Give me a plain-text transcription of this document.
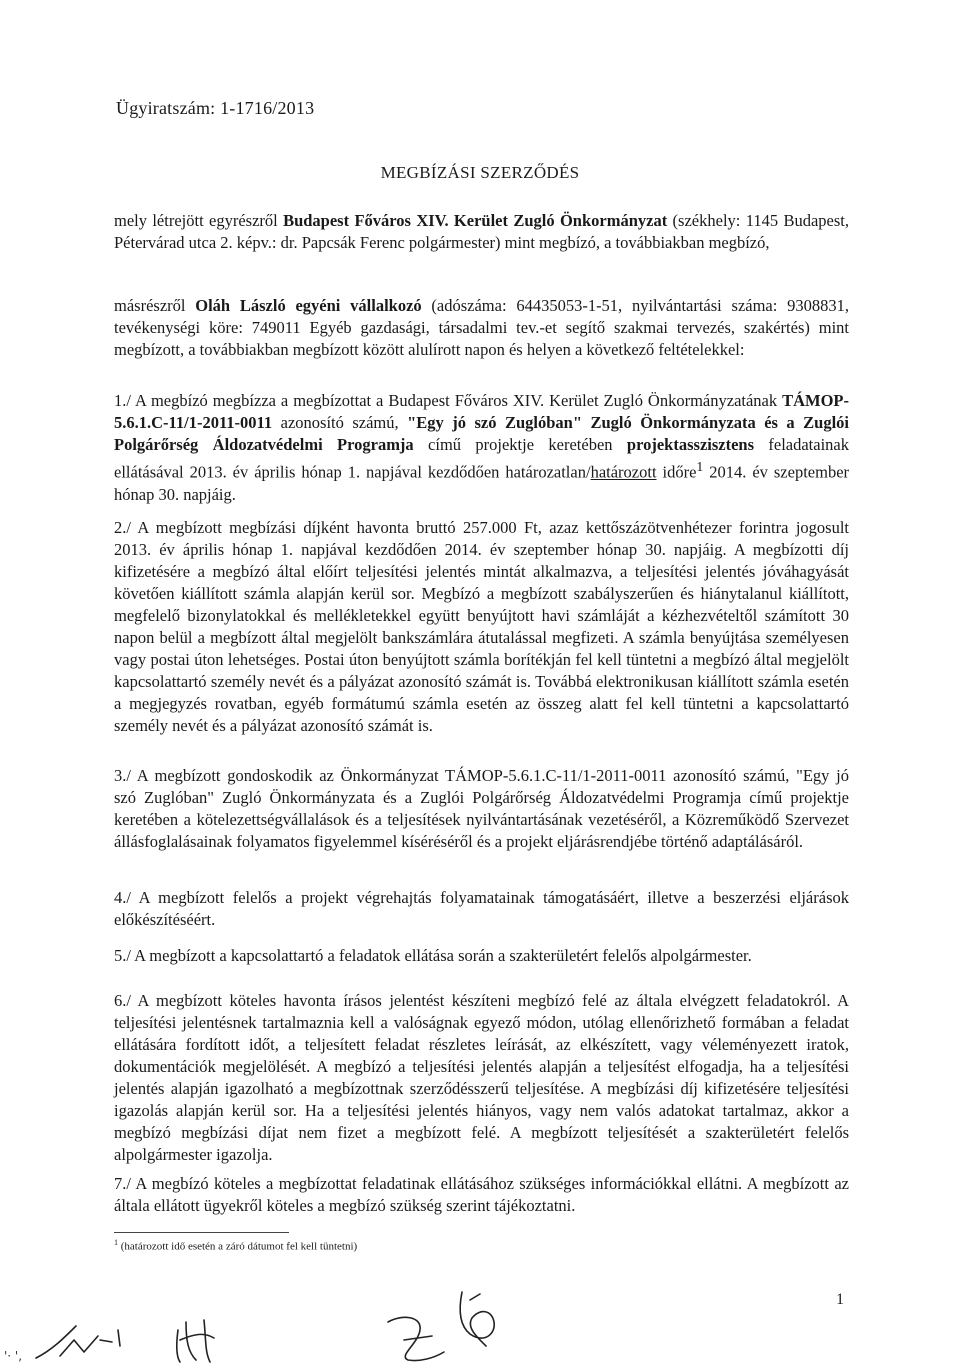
Ügyiratszám: 1-1716/2013
MEGBÍZÁSI SZERZŐDÉS
mely létrejött egyrészről Budapest Főváros XIV. Kerület Zugló Önkormányzat (székhely: 1145 Budapest, Pétervárad utca 2. képv.: dr. Papcsák Ferenc polgármester) mint megbízó, a továbbiakban megbízó,
másrészről Oláh László egyéni vállalkozó (adószáma: 64435053-1-51, nyilvántartási száma: 9308831, tevékenységi köre: 749011 Egyéb gazdasági, társadalmi tev.-et segítő szakmai tervezés, szakértés) mint megbízott, a továbbiakban megbízott között alulírott napon és helyen a következő feltételekkel:
1./ A megbízó megbízza a megbízottat a Budapest Főváros XIV. Kerület Zugló Önkormányzatának TÁMOP-5.6.1.C-11/1-2011-0011 azonosító számú, "Egy jó szó Zuglóban" Zugló Önkormányzata és a Zuglói Polgárőrség Áldozatvédelmi Programja című projektje keretében projektasszisztens feladatainak ellátásával 2013. év április hónap 1. napjával kezdődően határozatlan/határozott időre$^1$ 2014. év szeptember hónap 30. napjáig.
2./ A megbízott megbízási díjként havonta bruttó 257.000 Ft, azaz kettőszázötvenhétezer forintra jogosult 2013. év április hónap 1. napjával kezdődően 2014. év szeptember hónap 30. napjáig. A megbízotti díj kifizetésére a megbízó által előírt teljesítési jelentés mintát alkalmazva, a teljesítési jelentés jóváhagyását követően kiállított számla alapján kerül sor. Megbízó a megbízott szabályszerűen és hiánytalanul kiállított, megfelelő bizonylatokkal és mellékletekkel együtt benyújtott havi számláját a kézhezvételtől számított 30 napon belül a megbízott által megjelölt bankszámlára átutalással megfizeti. A számla benyújtása személyesen vagy postai úton lehetséges. Postai úton benyújtott számla borítékján fel kell tüntetni a megbízó által megjelölt kapcsolattartó személy nevét és a pályázat azonosító számát is. Továbbá elektronikusan kiállított számla esetén a megjegyzés rovatban, egyéb formátumú számla esetén az összeg alatt fel kell tüntetni a kapcsolattartó személy nevét és a pályázat azonosító számát is.
3./ A megbízott gondoskodik az Önkormányzat TÁMOP-5.6.1.C-11/1-2011-0011 azonosító számú, "Egy jó szó Zuglóban" Zugló Önkormányzata és a Zuglói Polgárőrség Áldozatvédelmi Programja című projektje keretében a kötelezettségvállalások és a teljesítések nyilvántartásának vezetéséről, a Közreműködő Szervezet állásfoglalásainak folyamatos figyelemmel kíséréséről és a projekt eljárásrendjébe történő adaptálásáról.
4./ A megbízott felelős a projekt végrehajtás folyamatainak támogatásáért, illetve a beszerzési eljárások előkészítéséért.
5./ A megbízott a kapcsolattartó a feladatok ellátása során a szakterületért felelős alpolgármester.
6./ A megbízott köteles havonta írásos jelentést készíteni megbízó felé az általa elvégzett feladatokról. A teljesítési jelentésnek tartalmaznia kell a valóságnak egyező módon, utólag ellenőrizhető formában a feladat ellátására fordított időt, a teljesített feladat részletes leírását, az elkészített, vagy véleményezett iratok, dokumentációk megjelölését. A megbízó a teljesítési jelentés alapján a teljesítést elfogadja, ha a teljesítési jelentés alapján igazolható a megbízottnak szerződésszerű teljesítése. A megbízási díj kifizetésére teljesítési igazolás alapján kerül sor. Ha a teljesítési jelentés hiányos, vagy nem valós adatokat tartalmaz, akkor a megbízó megbízási díjat nem fizet a megbízott felé. A megbízott teljesítését a szakterületért felelős alpolgármester igazolja.
7./ A megbízó köteles a megbízottat feladatinak ellátásához szükséges információkkal ellátni. A megbízott az általa ellátott ügyekről köteles a megbízó szükség szerint tájékoztatni.
$^1$ (határozott idő esetén a záró dátumot fel kell tüntetni)
1
'· ',
